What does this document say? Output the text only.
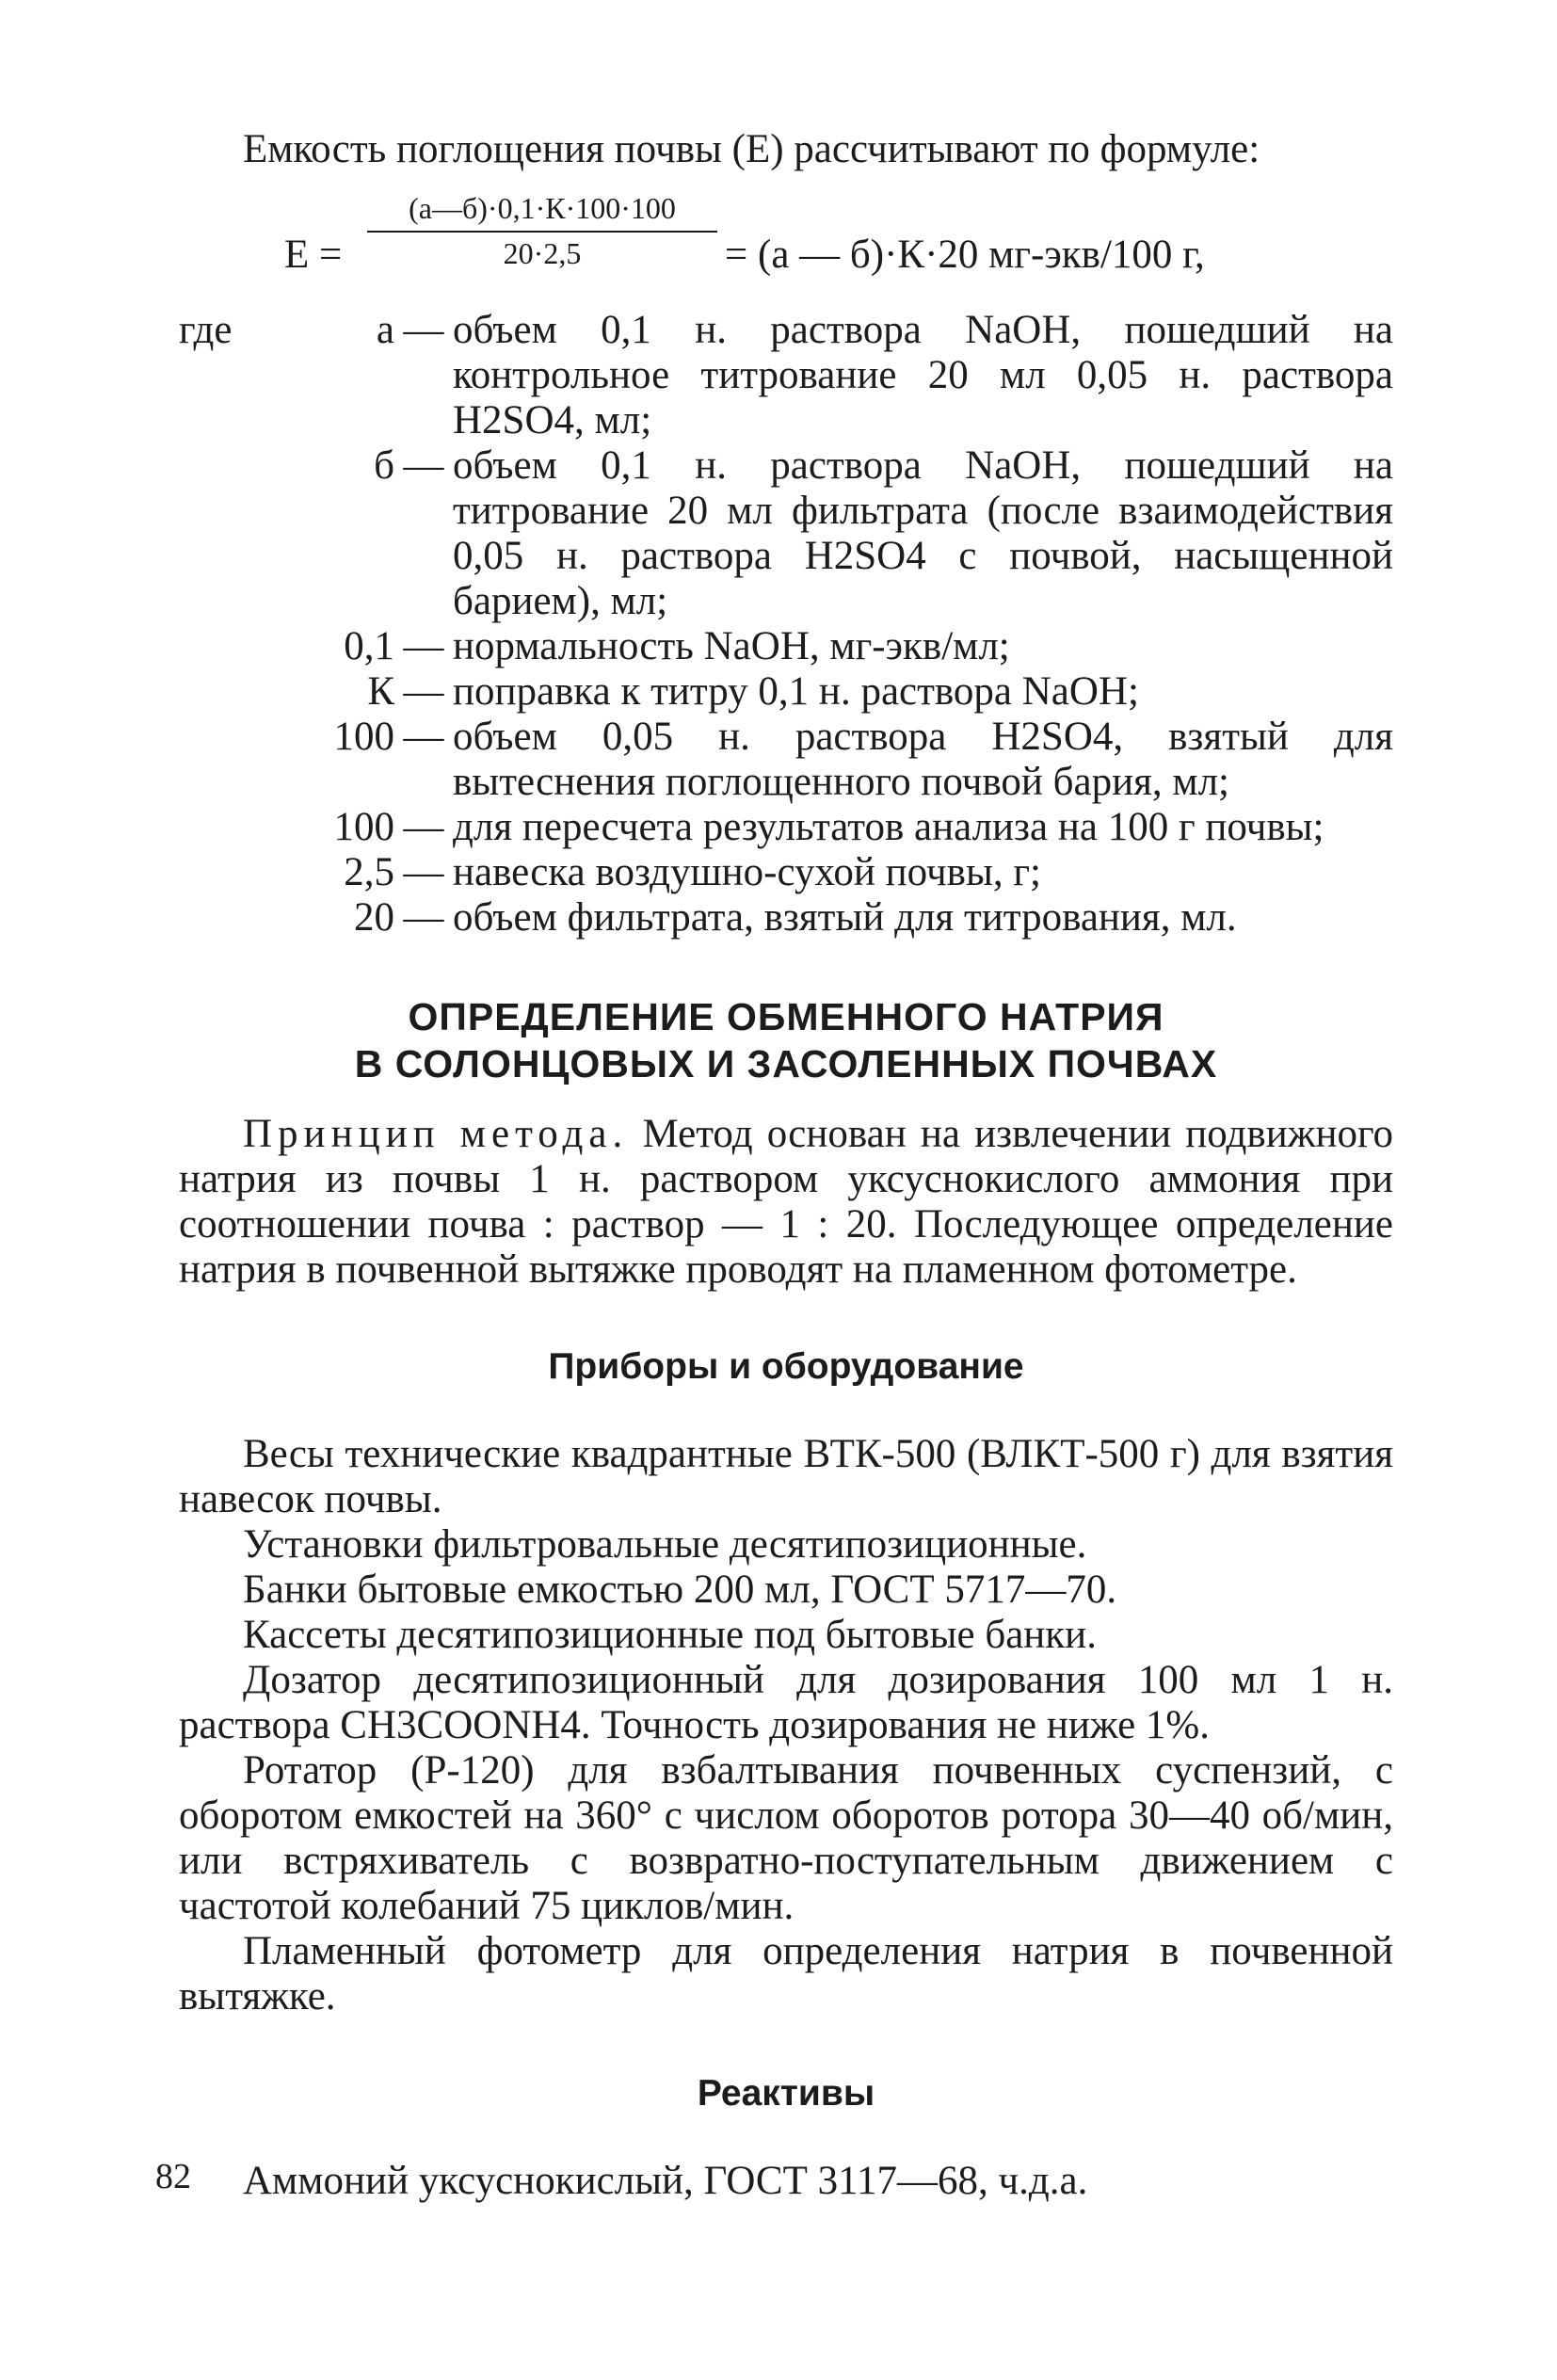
Емкость поглощения почвы (Е) рассчитывают по формуле:

Е =
(а—б)·0,1·К·100·100
20·2,5	= (а — б)·К·20 мг-экв/100 г,
где	а — объем 0,1 н. раствора NaOH, пошедший на контрольное титрование 20 мл 0,05 н. раствора H2SO4, мл;
б — объем 0,1 н. раствора NaOH, пошедший на титрование 20 мл фильтрата (после взаимодействия 0,05 н. раствора H2SO4 с почвой, насыщенной барием), мл;
0,1 — нормальность NaOH, мг-экв/мл;
К — поправка к титру 0,1 н. раствора NaOH;
100 — объем 0,05 н. раствора H2SO4, взятый для вытеснения поглощенного почвой бария, мл;
100 — для пересчета результатов анализа на 100 г почвы;
2,5 — навеска воздушно-сухой почвы, г;
20 — объем фильтрата, взятый для титрования, мл.
ОПРЕДЕЛЕНИЕ ОБМЕННОГО НАТРИЯ
В СОЛОНЦОВЫХ И ЗАСОЛЕННЫХ ПОЧВАХ

Принцип метода. Метод основан на извлечении подвижного натрия из почвы 1 н. раствором уксуснокислого аммония при соотношении почва : раствор — 1 : 20. Последующее определение натрия в почвенной вытяжке проводят на пламенном фотометре.

Приборы и оборудование

Весы технические квадрантные ВТК-500 (ВЛКТ-500 г) для взятия навесок почвы.

Установки фильтровальные десятипозиционные.

Банки бытовые емкостью 200 мл, ГОСТ 5717—70.

Кассеты десятипозиционные под бытовые банки.

Дозатор десятипозиционный для дозирования 100 мл 1 н. раствора CH3COONH4. Точность дозирования не ниже 1%.

Ротатор (Р-120) для взбалтывания почвенных суспензий, с оборотом емкостей на 360° с числом оборотов ротора 30—40 об/мин, или встряхиватель с возвратно-поступательным движением с частотой колебаний 75 циклов/мин.

Пламенный фотометр для определения натрия в почвенной вытяжке.

Реактивы

Аммоний уксуснокислый, ГОСТ 3117—68, ч.д.а.

82
